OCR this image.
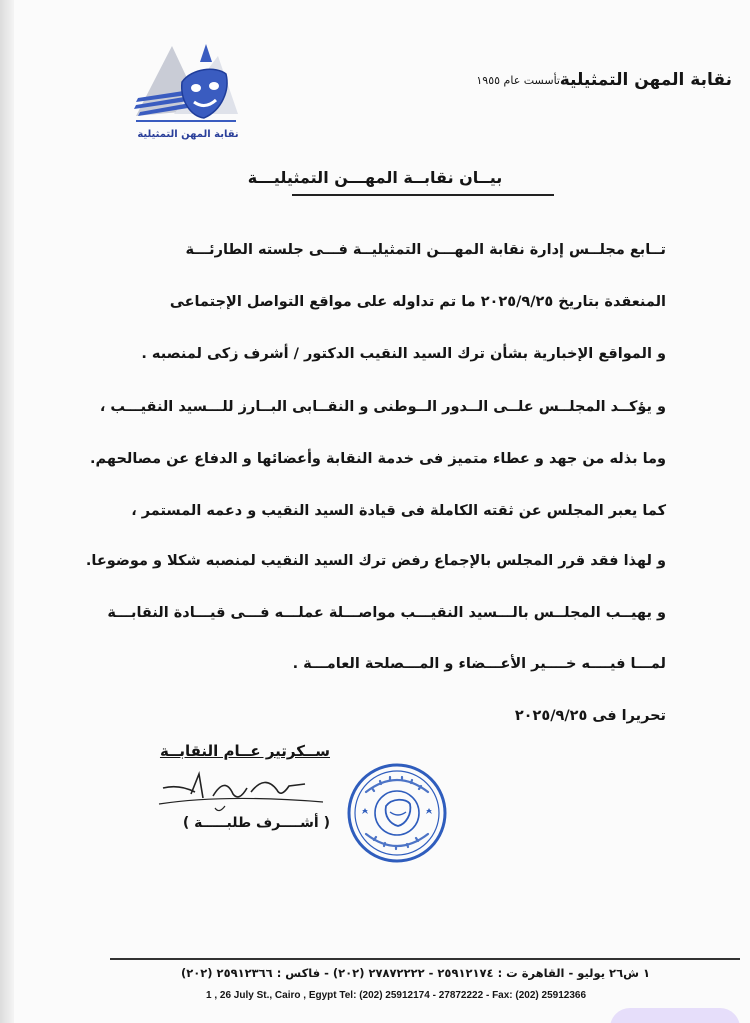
نقابة المهن التمثيلية
تأسست عام ١٩٥٥
نقابة المهن التمثيلية
بيــان نقابــة المهـــن التمثيليـــة
تــابع مجلــس إدارة نقابة المهـــن التمثيليــة فـــى جلسته الطارئـــة
المنعقدة بتاريخ ٢٠٢٥/٩/٢٥ ما تم تداوله على مواقع التواصل الإجتماعى
و المواقع الإخبارية بشأن ترك السيد النقيب الدكتور / أشرف زكى لمنصبه .
و يؤكــد المجلــس علــى الــدور الــوطنى و النقــابى البــارز للـــسيد النقيـــب ،
وما بذله من جهد و عطاء متميز فى خدمة النقابة وأعضائها و الدفاع عن مصالحهم.
كما يعبر المجلس عن ثقته الكاملة فى قيادة السيد النقيب و دعمه المستمر ،
و لهذا فقد قرر المجلس بالإجماع رفض ترك السيد النقيب لمنصبه شكلا و موضوعا.
و يهيــب المجلــس بالـــسيد النقيـــب مواصـــلة عملـــه فـــى قيـــادة النقابـــة
لمـــا فيــــه خــــير الأعـــضاء و المـــصلحة العامـــة .
تحريرا فى ٢٠٢٥/٩/٢٥
ســكرتير عــام النقابــة
( أشــــرف طلبـــــة )
١ ش٢٦ يوليو - القاهرة ت : ٢٥٩١٢١٧٤ - ٢٧٨٧٢٢٢٢ (٢٠٢) - فاكس : ٢٥٩١٢٣٦٦ (٢٠٢)
1 , 26 July St., Cairo , Egypt Tel: (202) 25912174 - 27872222 - Fax: (202) 25912366
